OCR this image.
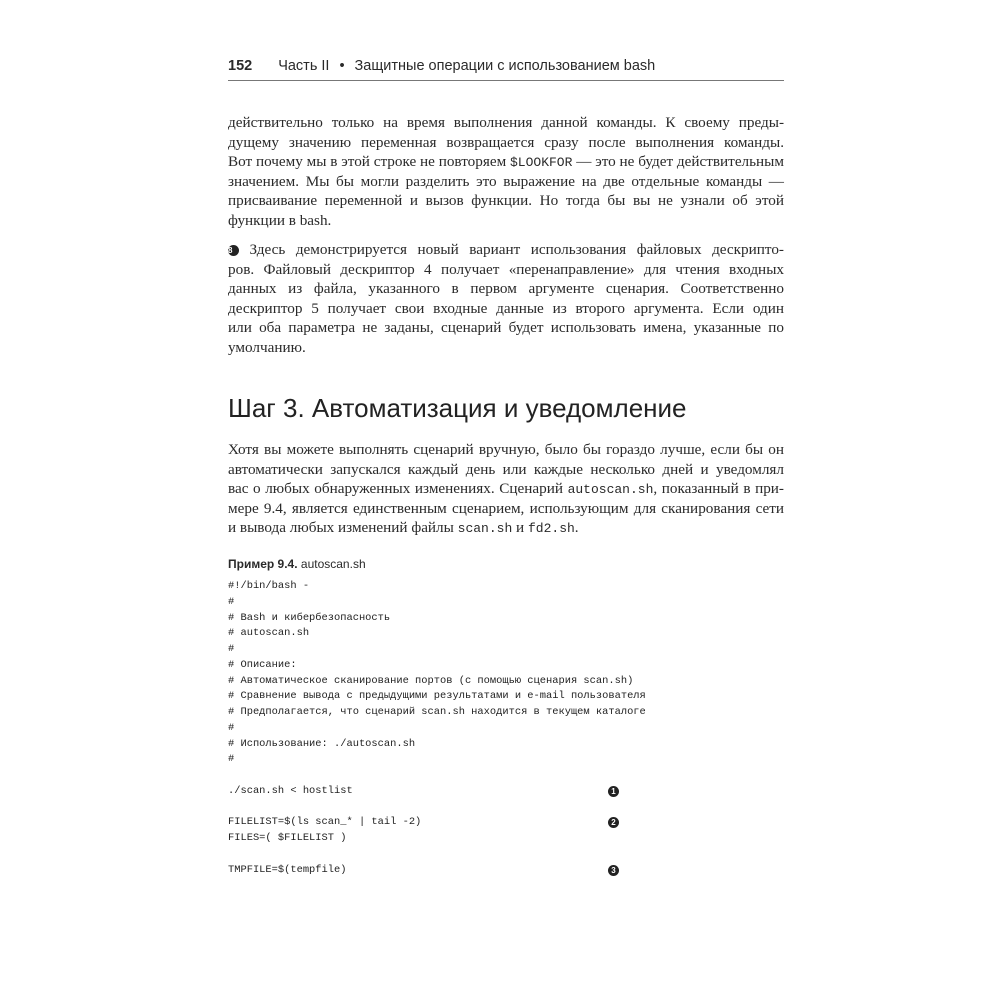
152 Часть II • Защитные операции с использованием bash
действительно только на время выполнения данной команды. К своему преды-
дущему значению переменная возвращается сразу после выполнения команды.
Вот почему мы в этой строке не повторяем $LOOKFOR — это не будет действительным
значением. Мы бы могли разделить это выражение на две отдельные команды —
присваивание переменной и вызов функции. Но тогда бы вы не узнали об этой
функции в bash.
8 Здесь демонстрируется новый вариант использования файловых дескрипто-
ров. Файловый дескриптор 4 получает «перенаправление» для чтения входных
данных из файла, указанного в первом аргументе сценария. Соответственно
дескриптор 5 получает свои входные данные из второго аргумента. Если один
или оба параметра не заданы, сценарий будет использовать имена, указанные по
умолчанию.
Шаг 3. Автоматизация и уведомление
Хотя вы можете выполнять сценарий вручную, было бы гораздо лучше, если бы он
автоматически запускался каждый день или каждые несколько дней и уведомлял
вас о любых обнаруженных изменениях. Сценарий autoscan.sh, показанный в при-
мере 9.4, является единственным сценарием, использующим для сканирования сети
и вывода любых изменений файлы scan.sh и fd2.sh.
Пример 9.4. autoscan.sh
#!/bin/bash -
#
# Bash и кибербезопасность
# autoscan.sh
#
# Описание:
# Автоматическое сканирование портов (с помощью сценария scan.sh)
# Сравнение вывода с предыдущими результатами и e-mail пользователя
# Предполагается, что сценарий scan.sh находится в текущем каталоге
#
# Использование: ./autoscan.sh
#
./scan.sh < hostlist	1
FILELIST=$(ls scan_* | tail -2)	2
FILES=( $FILELIST )
TMPFILE=$(tempfile)	3
